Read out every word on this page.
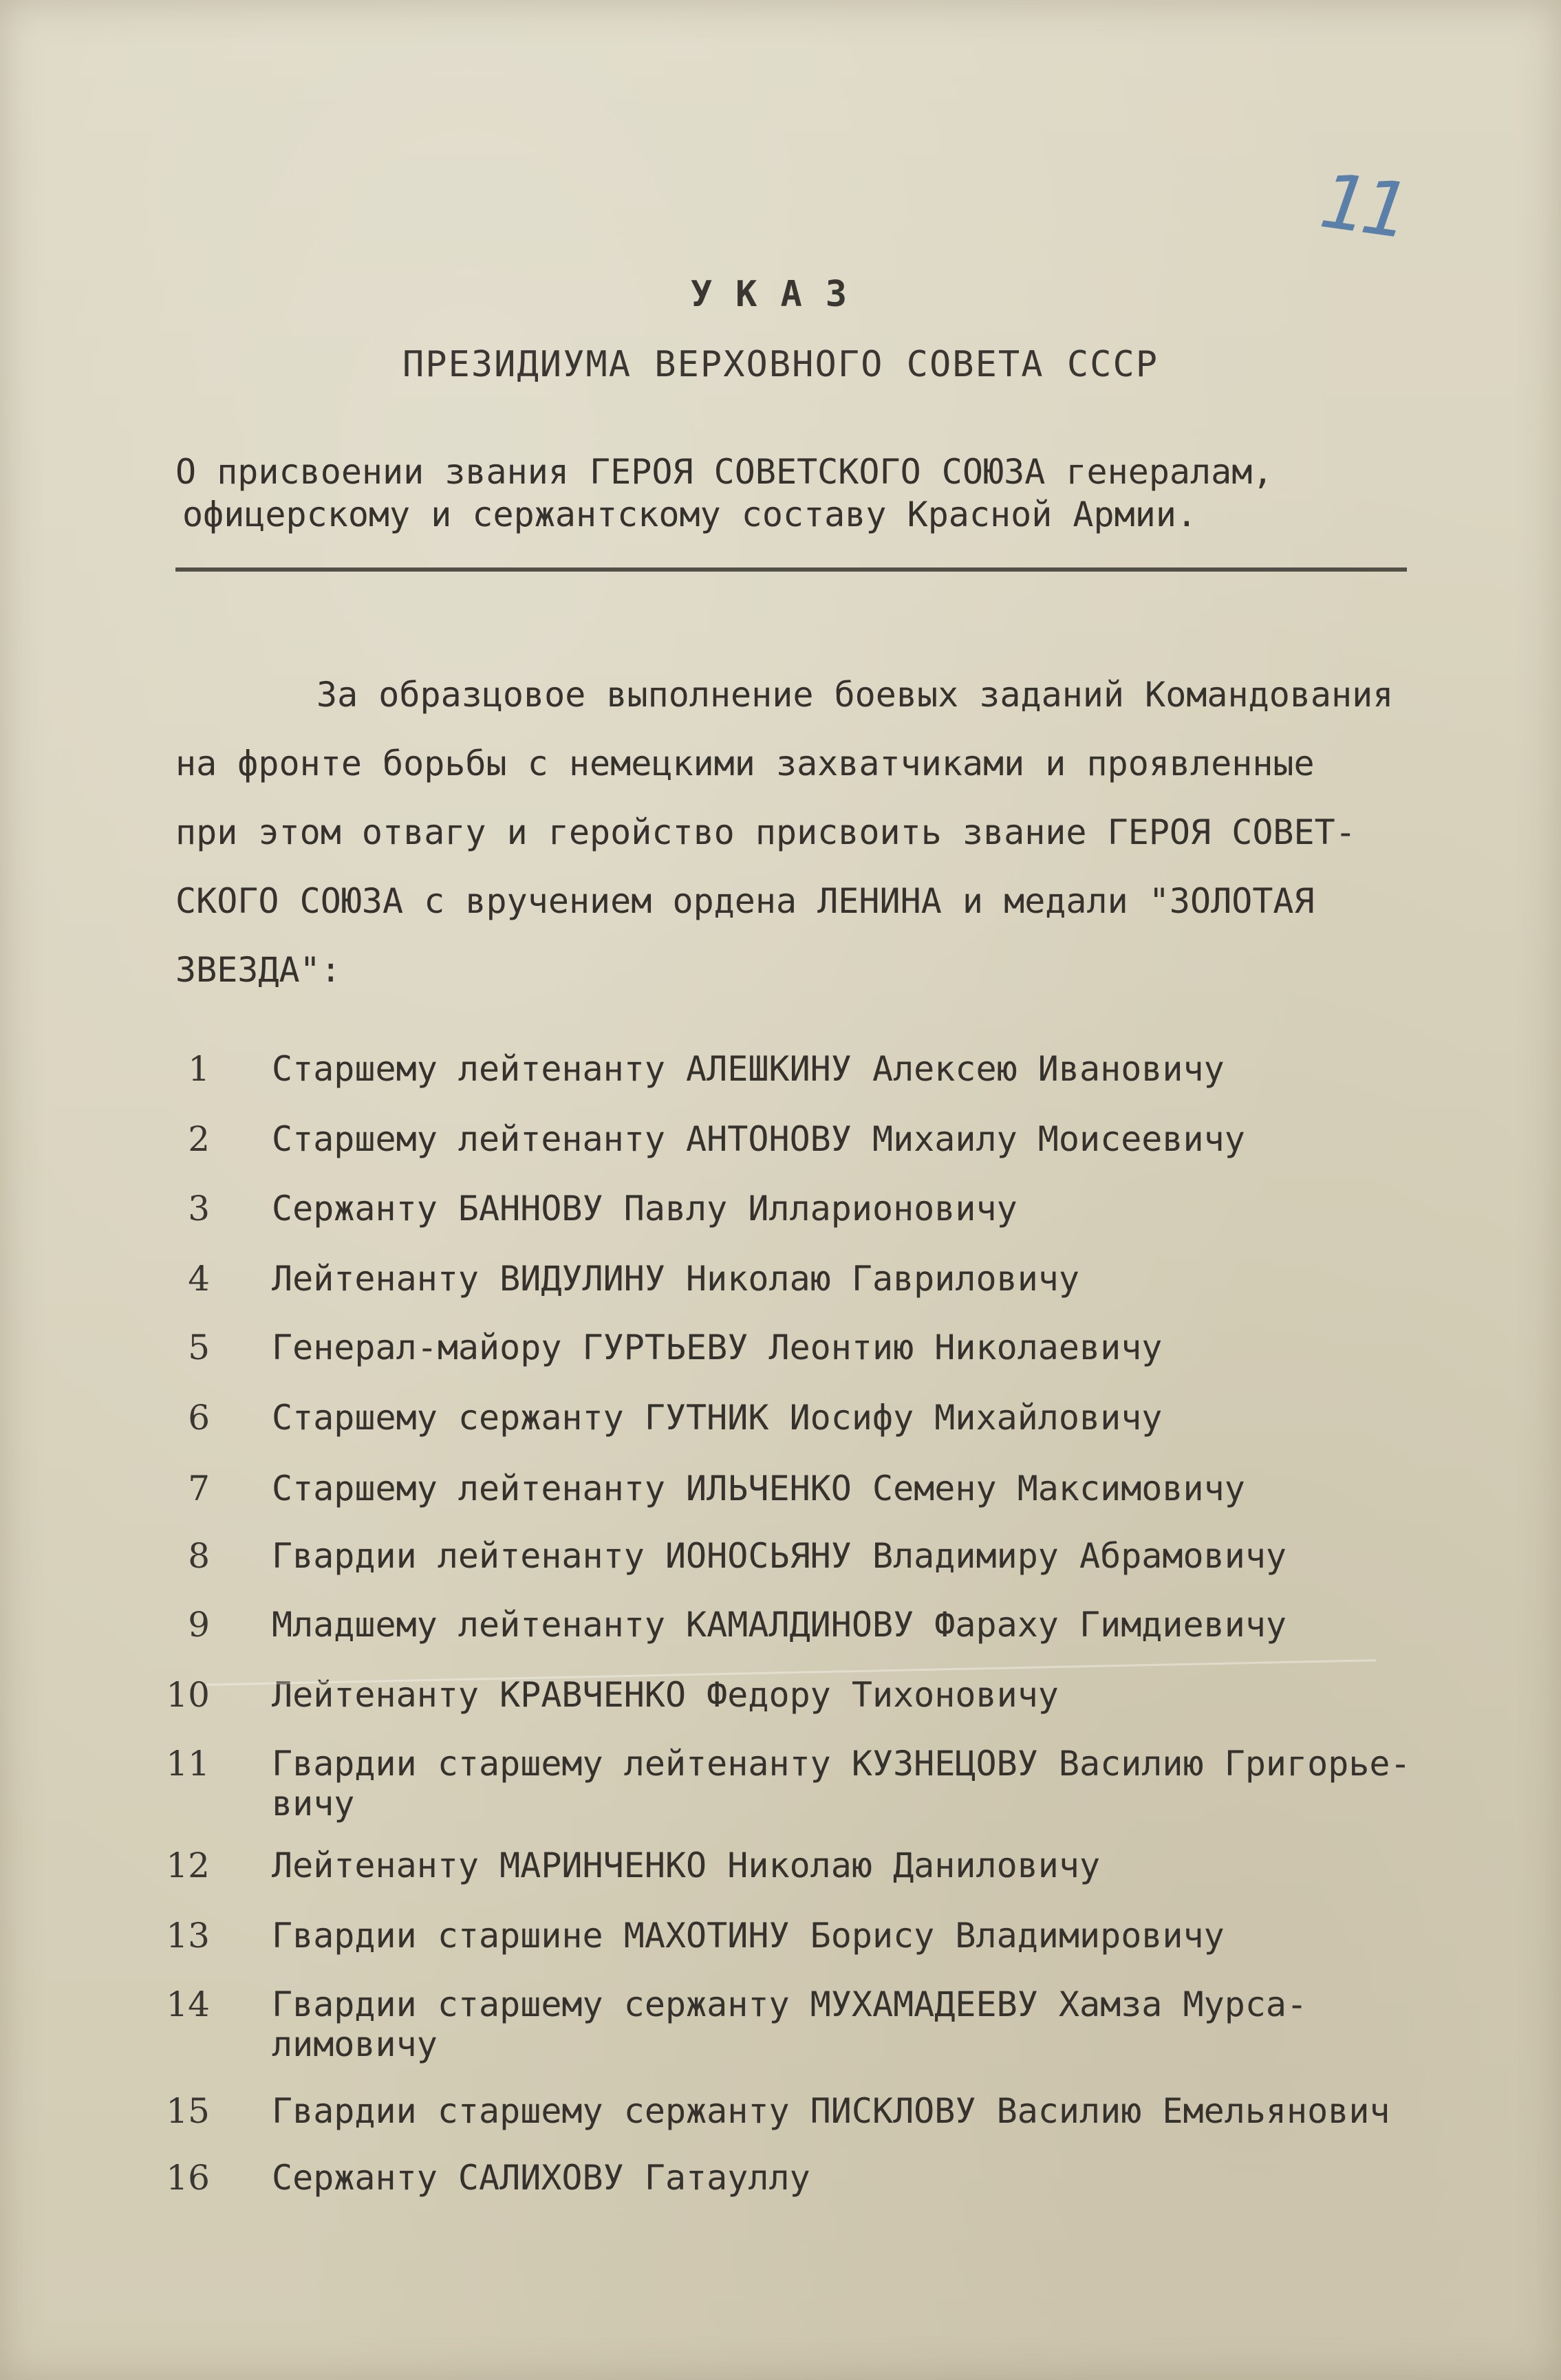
11
УКАЗ
ПРЕЗИДИУМА ВЕРХОВНОГО СОВЕТА СССР
О присвоении звания ГЕРОЯ СОВЕТСКОГО СОЮЗА генералам,
офицерскому и сержантскому составу Красной Армии.
За образцовое выполнение боевых заданий Командования
на фронте борьбы с немецкими захватчиками и проявленные
при этом отвагу и геройство присвоить звание ГЕРОЯ СОВЕТ-
СКОГО СОЮЗА с вручением ордена ЛЕНИНА и медали "ЗОЛОТАЯ
ЗВЕЗДА":
1 Старшему лейтенанту АЛЕШКИНУ Алексею Ивановичу
2 Старшему лейтенанту АНТОНОВУ Михаилу Моисеевичу
3 Сержанту БАННОВУ Павлу Илларионовичу
4 Лейтенанту ВИДУЛИНУ Николаю Гавриловичу
5 Генерал-майору ГУРТЬЕВУ Леонтию Николаевичу
6 Старшему сержанту ГУТНИК Иосифу Михайловичу
7 Старшему лейтенанту ИЛЬЧЕНКО Семену Максимовичу
8 Гвардии лейтенанту ИОНОСЬЯНУ Владимиру Абрамовичу
9 Младшему лейтенанту КАМАЛДИНОВУ Фараху Гимдиевичу
10 Лейтенанту КРАВЧЕНКО Федору Тихоновичу
11 Гвардии старшему лейтенанту КУЗНЕЦОВУ Василию Григорье-
вичу
12 Лейтенанту МАРИНЧЕНКО Николаю Даниловичу
13 Гвардии старшине МАХОТИНУ Борису Владимировичу
14 Гвардии старшему сержанту МУХАМАДЕЕВУ Хамза Мурса-
лимовичу
15 Гвардии старшему сержанту ПИСКЛОВУ Василию Емельянович
16 Сержанту САЛИХОВУ Гатауллу
